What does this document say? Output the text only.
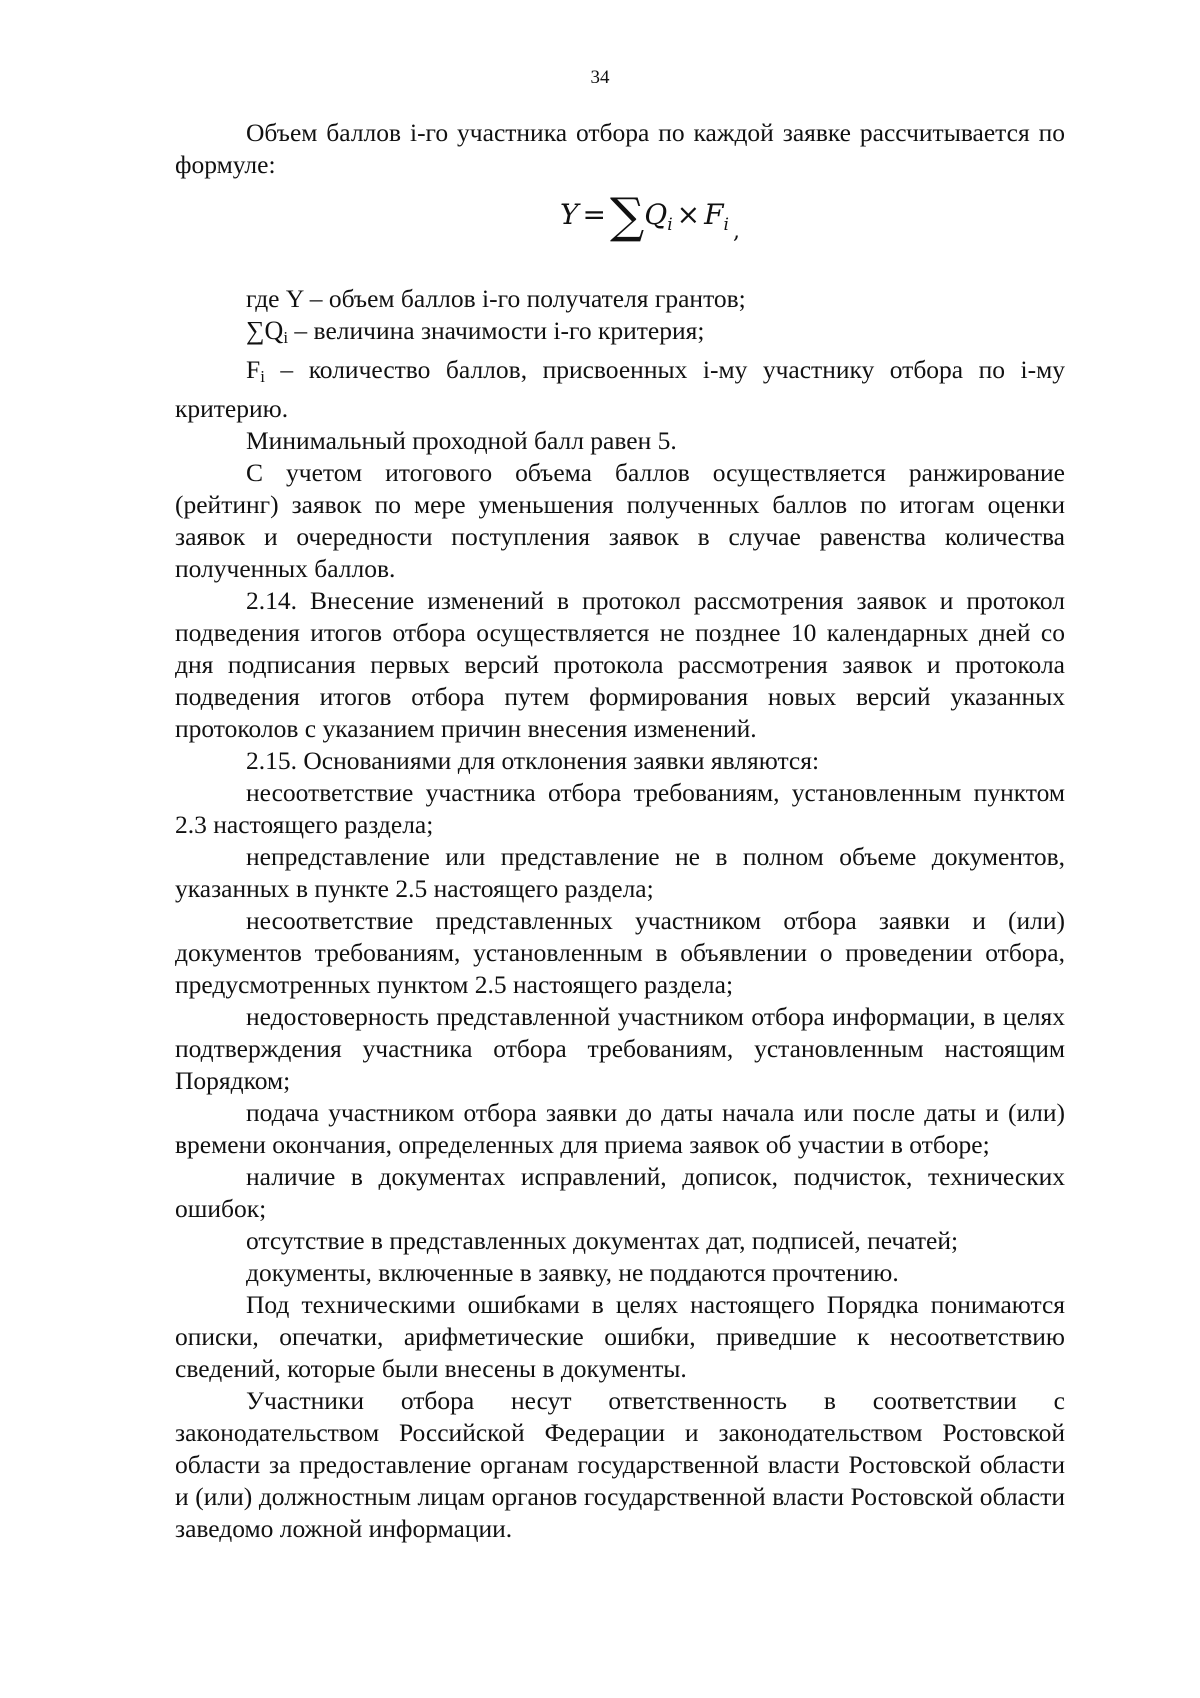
34

Объем баллов i-го участника отбора по каждой заявке рассчитывается по формуле:

$Y =\sum Q_i \times F_i$ $_,$

где Y – объем баллов i-го получателя грантов;

$\sum Q_i$ – величина значимости i-го критерия;

$F_i$ – количество баллов, присвоенных i-му участнику отбора по i-му критерию.

Минимальный проходной балл равен 5.

С учетом итогового объема баллов осуществляется ранжирование (рейтинг) заявок по мере уменьшения полученных баллов по итогам оценки заявок и очередности поступления заявок в случае равенства количества полученных баллов.

2.14. Внесение изменений в протокол рассмотрения заявок и протокол подведения итогов отбора осуществляется не позднее 10 календарных дней со дня подписания первых версий протокола рассмотрения заявок и протокола подведения итогов отбора путем формирования новых версий указанных протоколов с указанием причин внесения изменений.

2.15. Основаниями для отклонения заявки являются:

несоответствие участника отбора требованиям, установленным пунктом 2.3 настоящего раздела;

непредставление или представление не в полном объеме документов, указанных в пункте 2.5 настоящего раздела;

несоответствие представленных участником отбора заявки и (или) документов требованиям, установленным в объявлении о проведении отбора, предусмотренных пунктом 2.5 настоящего раздела;

недостоверность представленной участником отбора информации, в целях подтверждения участника отбора требованиям, установленным настоящим Порядком;

подача участником отбора заявки до даты начала или после даты и (или) времени окончания, определенных для приема заявок об участии в отборе;

наличие в документах исправлений, дописок, подчисток, технических ошибок;

отсутствие в представленных документах дат, подписей, печатей;

документы, включенные в заявку, не поддаются прочтению.

Под техническими ошибками в целях настоящего Порядка понимаются описки, опечатки, арифметические ошибки, приведшие к несоответствию сведений, которые были внесены в документы.

Участники отбора несут ответственность в соответствии с законодательством Российской Федерации и законодательством Ростовской области за предоставление органам государственной власти Ростовской области и (или) должностным лицам органов государственной власти Ростовской области заведомо ложной информации.
